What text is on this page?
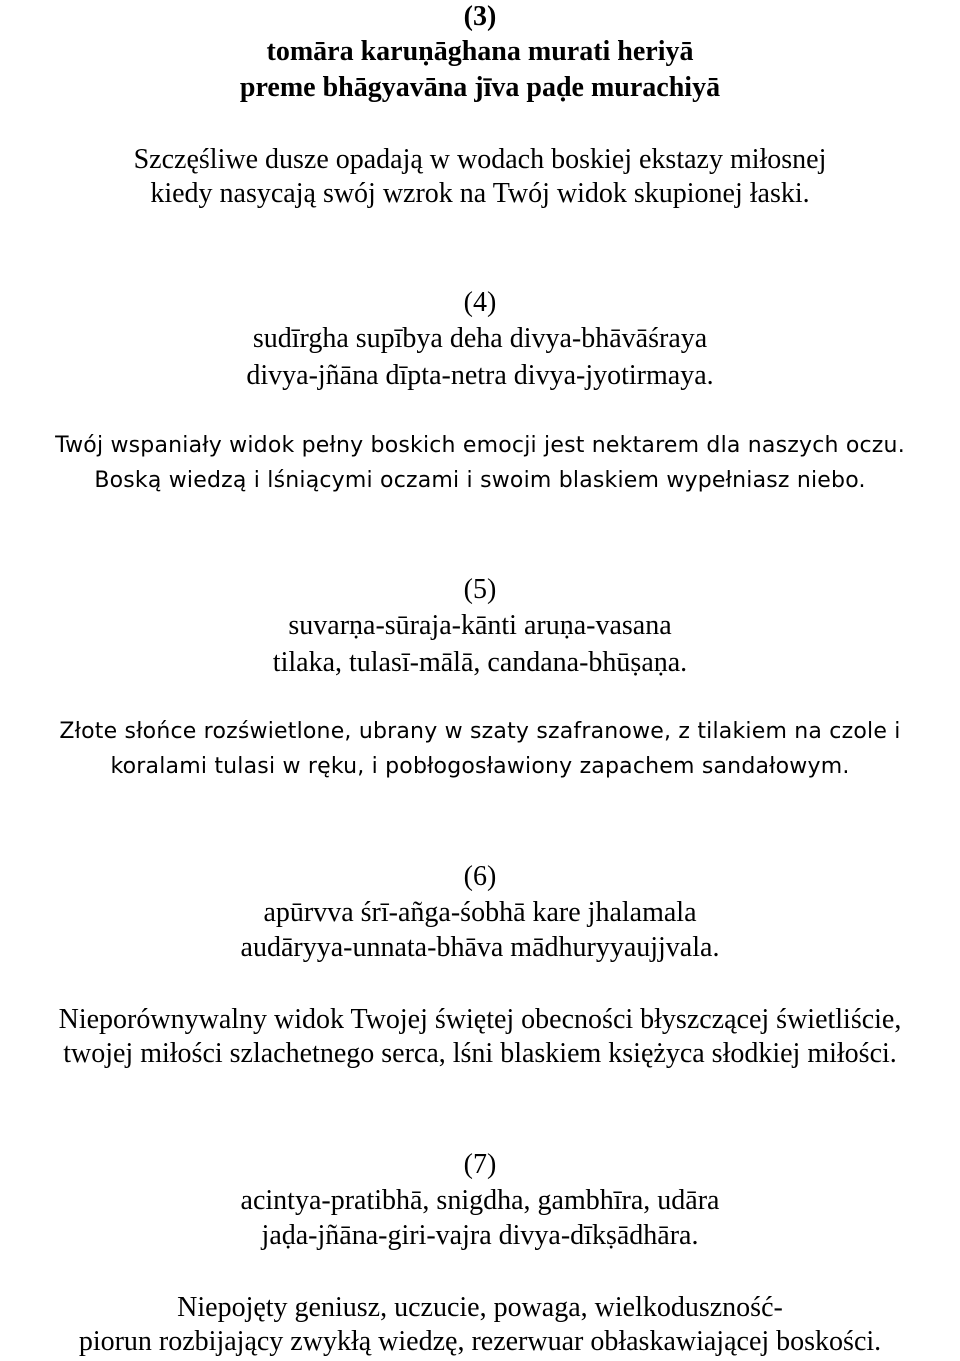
(3)
tomāra karuṇāghana murati heriyā
preme bhāgyavāna jīva paḍe murachiyā
Szczęśliwe dusze opadają w wodach boskiej ekstazy miłosnej
kiedy nasycają swój wzrok na Twój widok skupionej łaski.
(4)
sudīrgha supībya deha divya-bhāvāśraya
divya-jñāna dīpta-netra divya-jyotirmaya.
Twój wspaniały widok pełny boskich emocji jest nektarem dla naszych oczu.
Boską wiedzą i lśniącymi oczami i swoim blaskiem wypełniasz niebo.
(5)
suvarṇa-sūraja-kānti aruṇa-vasana
tilaka, tulasī-mālā, candana-bhūṣaṇa.
Złote słońce rozświetlone, ubrany w szaty szafranowe, z tilakiem na czole i
koralami tulasi w ręku, i pobłogosławiony zapachem sandałowym.
(6)
apūrvva śrī-añga-śobhā kare jhalamala
audāryya-unnata-bhāva mādhuryyaujjvala.
Nieporównywalny widok Twojej świętej obecności błyszczącej świetliście,
twojej miłości szlachetnego serca, lśni blaskiem księżyca słodkiej miłości.
(7)
acintya-pratibhā, snigdha, gambhīra, udāra
jaḍa-jñāna-giri-vajra divya-dīkṣādhāra.
Niepojęty geniusz, uczucie, powaga, wielkoduszność-
piorun rozbijający zwykłą wiedzę, rezerwuar obłaskawiającej boskości.
